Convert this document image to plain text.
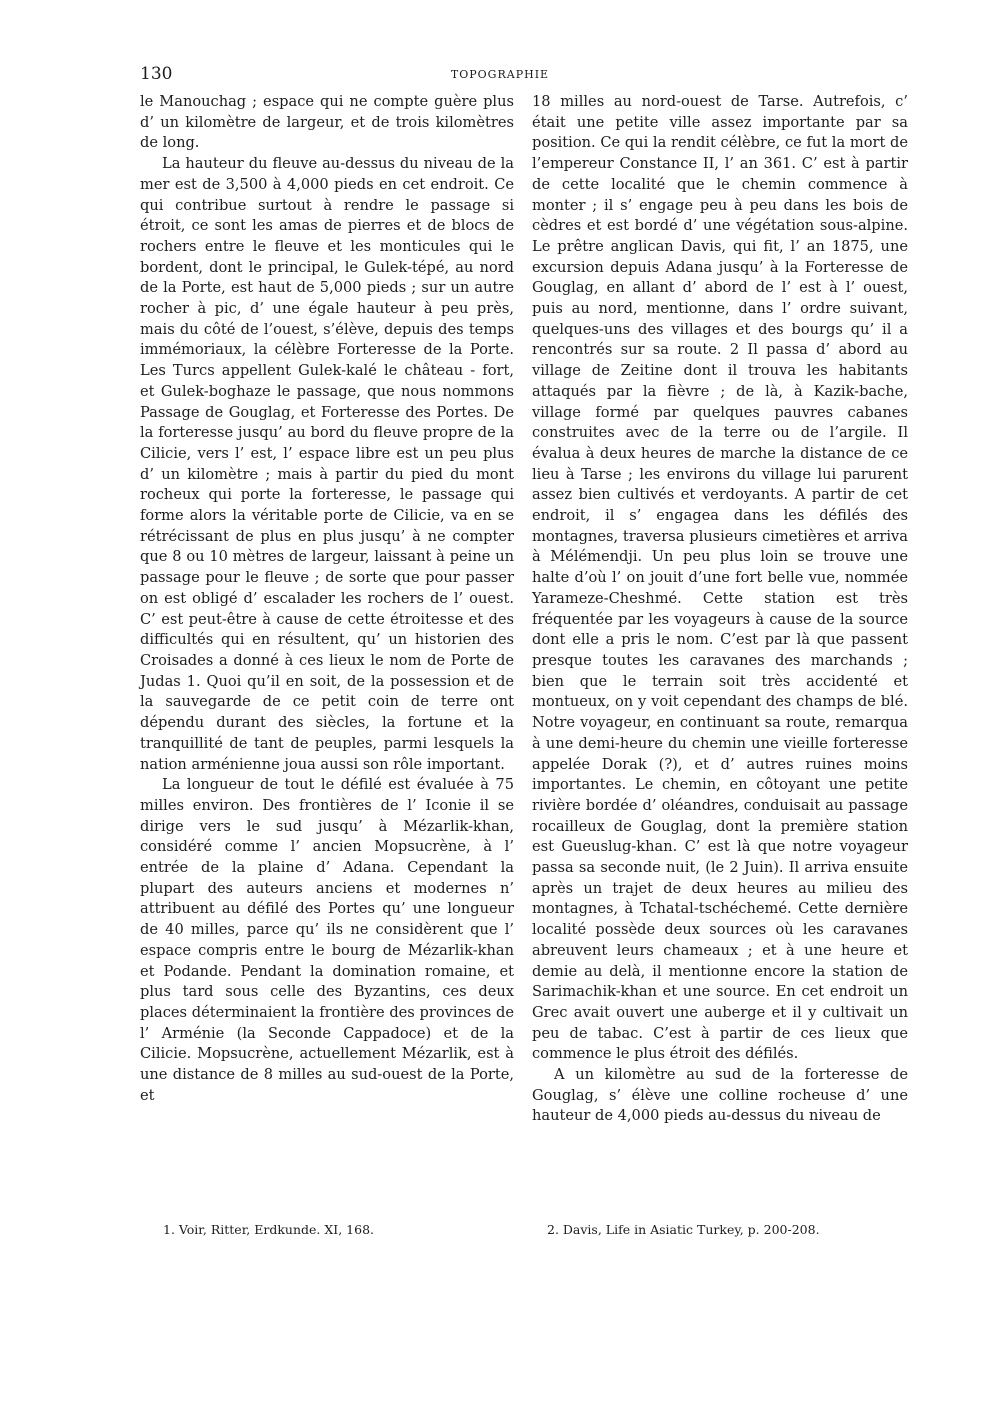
130	TOPOGRAPHIE

le Manouchag ; espace qui ne compte guère plus d’ un kilomètre de largeur, et de trois kilomètres de long.

La hauteur du fleuve au-dessus du niveau de la mer est de 3,500 à 4,000 pieds en cet endroit. Ce qui contribue surtout à rendre le passage si étroit, ce sont les amas de pierres et de blocs de rochers entre le fleuve et les monticules qui le bordent, dont le principal, le Gulek-tépé, au nord de la Porte, est haut de 5,000 pieds ; sur un autre rocher à pic, d’ une égale hauteur à peu près, mais du côté de l’ouest, s’élève, depuis des temps immémoriaux, la célèbre Forteresse de la Porte. Les Turcs appellent Gulek-kalé le château - fort, et Gulek-boghaze le passage, que nous nommons Passage de Gouglag, et Forteresse des Portes. De la forteresse jusqu’ au bord du fleuve propre de la Cilicie, vers l’ est, l’ espace libre est un peu plus d’ un kilomètre ; mais à partir du pied du mont rocheux qui porte la forteresse, le passage qui forme alors la véritable porte de Cilicie, va en se rétrécissant de plus en plus jusqu’ à ne compter que 8 ou 10 mètres de largeur, laissant à peine un passage pour le fleuve ; de sorte que pour passer on est obligé d’ escalader les rochers de l’ ouest. C’ est peut-être à cause de cette étroitesse et des difficultés qui en résultent, qu’ un historien des Croisades a donné à ces lieux le nom de Porte de Judas 1. Quoi qu’il en soit, de la possession et de la sauvegarde de ce petit coin de terre ont dépendu durant des siècles, la fortune et la tranquillité de tant de peuples, parmi lesquels la nation arménienne joua aussi son rôle important.

La longueur de tout le défilé est évaluée à 75 milles environ. Des frontières de l’ Iconie il se dirige vers le sud jusqu’ à Mézarlik-khan, considéré comme l’ ancien Mopsucrène, à l’ entrée de la plaine d’ Adana. Cependant la plupart des auteurs anciens et modernes n’ attribuent au défilé des Portes qu’ une longueur de 40 milles, parce qu’ ils ne considèrent que l’ espace compris entre le bourg de Mézarlik-khan et Podande. Pendant la domination romaine, et plus tard sous celle des Byzantins, ces deux places déterminaient la frontière des provinces de l’ Arménie (la Seconde Cappadoce) et de la Cilicie. Mopsucrène, actuellement Mézarlik, est à une distance de 8 milles au sud-ouest de la Porte, et

18 milles au nord-ouest de Tarse. Autrefois, c’ était une petite ville assez importante par sa position. Ce qui la rendit célèbre, ce fut la mort de l’empereur Constance II, l’ an 361. C’ est à partir de cette localité que le chemin commence à monter ; il s’ engage peu à peu dans les bois de cèdres et est bordé d’ une végétation sous-alpine. Le prêtre anglican Davis, qui fit, l’ an 1875, une excursion depuis Adana jusqu’ à la Forteresse de Gouglag, en allant d’ abord de l’ est à l’ ouest, puis au nord, mentionne, dans l’ ordre suivant, quelques-uns des villages et des bourgs qu’ il a rencontrés sur sa route. 2 Il passa d’ abord au village de Zeitine dont il trouva les habitants attaqués par la fièvre ; de là, à Kazik-bache, village formé par quelques pauvres cabanes construites avec de la terre ou de l’argile. Il évalua à deux heures de marche la distance de ce lieu à Tarse ; les environs du village lui parurent assez bien cultivés et verdoyants. A partir de cet endroit, il s’ engagea dans les défilés des montagnes, traversa plusieurs cimetières et arriva à Mélémendji. Un peu plus loin se trouve une halte d’où l’ on jouit d’une fort belle vue, nommée Yarameze-Cheshmé. Cette station est très fréquentée par les voyageurs à cause de la source dont elle a pris le nom. C’est par là que passent presque toutes les caravanes des marchands ; bien que le terrain soit très accidenté et montueux, on y voit cependant des champs de blé. Notre voyageur, en continuant sa route, remarqua à une demi-heure du chemin une vieille forteresse appelée Dorak (?), et d’ autres ruines moins importantes. Le chemin, en côtoyant une petite rivière bordée d’ oléandres, conduisait au passage rocailleux de Gouglag, dont la première station est Gueuslug-khan. C’ est là que notre voyageur passa sa seconde nuit, (le 2 Juin). Il arriva ensuite après un trajet de deux heures au milieu des montagnes, à Tchatal-tschéchemé. Cette dernière localité possède deux sources où les caravanes abreuvent leurs chameaux ; et à une heure et demie au delà, il mentionne encore la station de Sarimachik-khan et une source. En cet endroit un Grec avait ouvert une auberge et il y cultivait un peu de tabac. C’est à partir de ces lieux que commence le plus étroit des défilés.

A un kilomètre au sud de la forteresse de Gouglag, s’ élève une colline rocheuse d’ une hauteur de 4,000 pieds au-dessus du niveau de

1. Voir, Ritter, Erdkunde. XI, 168.	2. Davis, Life in Asiatic Turkey, p. 200-208.
